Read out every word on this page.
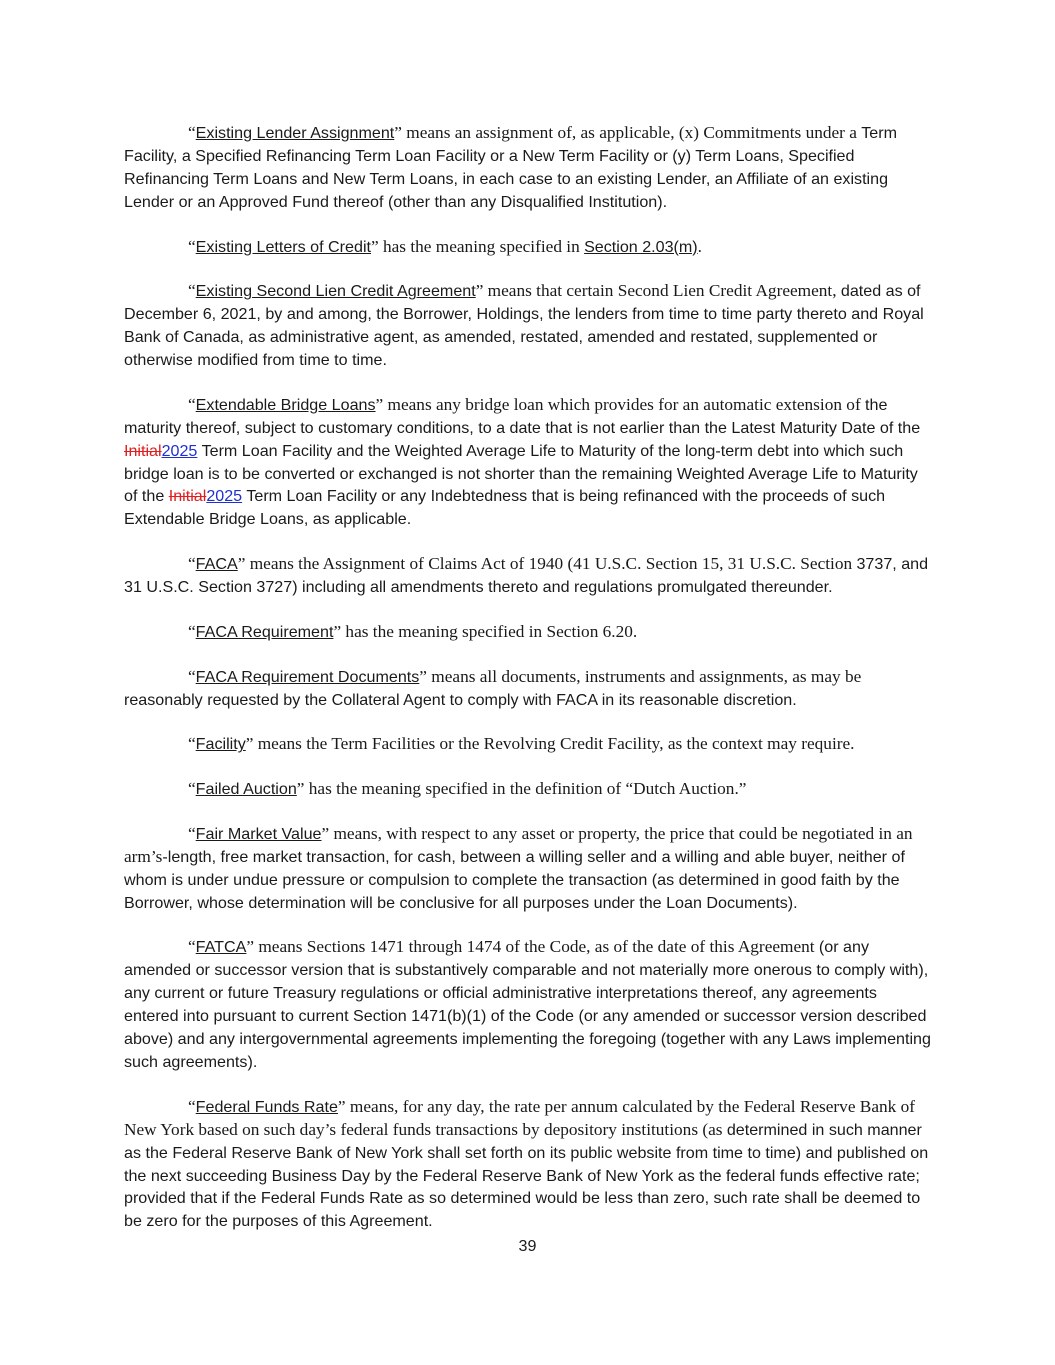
“Existing Lender Assignment” means an assignment of, as applicable, (x) Commitments under a Term Facility, a Specified Refinancing Term Loan Facility or a New Term Facility or (y) Term Loans, Specified Refinancing Term Loans and New Term Loans, in each case to an existing Lender, an Affiliate of an existing Lender or an Approved Fund thereof (other than any Disqualified Institution).

“Existing Letters of Credit” has the meaning specified in Section 2.03(m).

“Existing Second Lien Credit Agreement” means that certain Second Lien Credit Agreement, dated as of December 6, 2021, by and among, the Borrower, Holdings, the lenders from time to time party thereto and Royal Bank of Canada, as administrative agent, as amended, restated, amended and restated, supplemented or otherwise modified from time to time.

“Extendable Bridge Loans” means any bridge loan which provides for an automatic extension of the maturity thereof, subject to customary conditions, to a date that is not earlier than the Latest Maturity Date of the Initial2025 Term Loan Facility and the Weighted Average Life to Maturity of the long-term debt into which such bridge loan is to be converted or exchanged is not shorter than the remaining Weighted Average Life to Maturity of the Initial2025 Term Loan Facility or any Indebtedness that is being refinanced with the proceeds of such Extendable Bridge Loans, as applicable.

“FACA” means the Assignment of Claims Act of 1940 (41 U.S.C. Section 15, 31 U.S.C. Section 3737, and 31 U.S.C. Section 3727) including all amendments thereto and regulations promulgated thereunder.

“FACA Requirement” has the meaning specified in Section 6.20.

“FACA Requirement Documents” means all documents, instruments and assignments, as may be reasonably requested by the Collateral Agent to comply with FACA in its reasonable discretion.

“Facility” means the Term Facilities or the Revolving Credit Facility, as the context may require.

“Failed Auction” has the meaning specified in the definition of “Dutch Auction.”

“Fair Market Value” means, with respect to any asset or property, the price that could be negotiated in an arm’s-length, free market transaction, for cash, between a willing seller and a willing and able buyer, neither of whom is under undue pressure or compulsion to complete the transaction (as determined in good faith by the Borrower, whose determination will be conclusive for all purposes under the Loan Documents).

“FATCA” means Sections 1471 through 1474 of the Code, as of the date of this Agreement (or any amended or successor version that is substantively comparable and not materially more onerous to comply with), any current or future Treasury regulations or official administrative interpretations thereof, any agreements entered into pursuant to current Section 1471(b)(1) of the Code (or any amended or successor version described above) and any intergovernmental agreements implementing the foregoing (together with any Laws implementing such agreements).

“Federal Funds Rate” means, for any day, the rate per annum calculated by the Federal Reserve Bank of New York based on such day’s federal funds transactions by depository institutions (as determined in such manner as the Federal Reserve Bank of New York shall set forth on its public website from time to time) and published on the next succeeding Business Day by the Federal Reserve Bank of New York as the federal funds effective rate; provided that if the Federal Funds Rate as so determined would be less than zero, such rate shall be deemed to be zero for the purposes of this Agreement.

39
